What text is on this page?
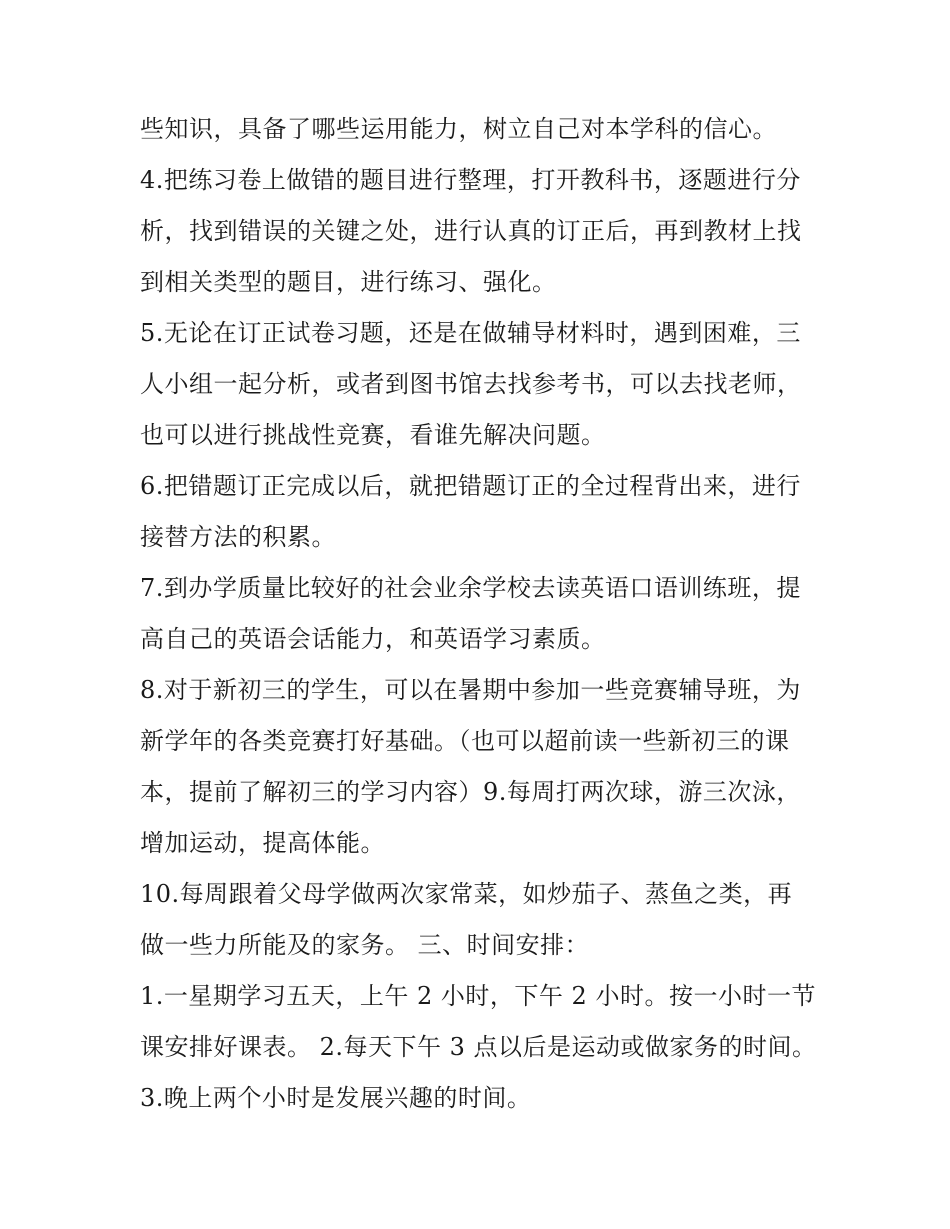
些知识，具备了哪些运用能力，树立自己对本学科的信心。
4.把练习卷上做错的题目进行整理，打开教科书，逐题进行分
析，找到错误的关键之处，进行认真的订正后，再到教材上找
到相关类型的题目，进行练习、强化。
5.无论在订正试卷习题，还是在做辅导材料时，遇到困难，三
人小组一起分析，或者到图书馆去找参考书，可以去找老师，
也可以进行挑战性竞赛，看谁先解决问题。
6.把错题订正完成以后，就把错题订正的全过程背出来，进行
接替方法的积累。
7.到办学质量比较好的社会业余学校去读英语口语训练班，提
高自己的英语会话能力，和英语学习素质。
8.对于新初三的学生，可以在暑期中参加一些竞赛辅导班，为
新学年的各类竞赛打好基础。（也可以超前读一些新初三的课
本，提前了解初三的学习内容）9.每周打两次球，游三次泳，
增加运动，提高体能。
10.每周跟着父母学做两次家常菜，如炒茄子、蒸鱼之类，再
做一些力所能及的家务。 三、时间安排：
1.一星期学习五天，上午 2 小时，下午 2 小时。按一小时一节
课安排好课表。 2.每天下午 3 点以后是运动或做家务的时间。
3.晚上两个小时是发展兴趣的时间。
